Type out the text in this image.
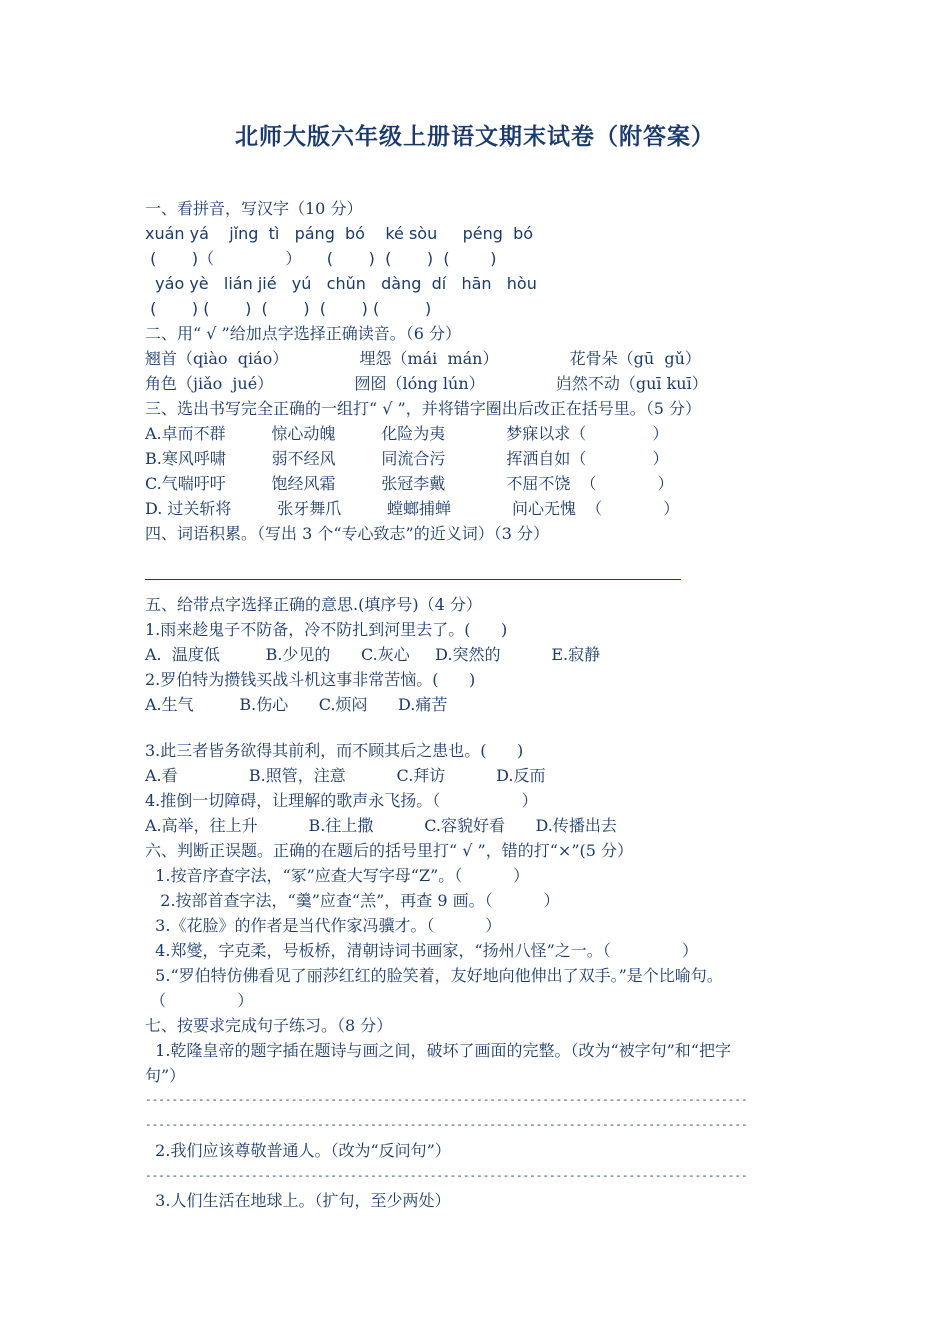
北师大版六年级上册语文期末试卷（附答案）
一、看拼音，写汉字（10 分）
xuán yá    jǐng  tì   páng  bó    ké sòu     péng  bó
(       )（              ）     (       )  (       )  (        )
yáo yè   lián jié   yú   chǔn   dàng  dí   hān   hòu
(       ) (       )  (       )  (       ) (         )
二、用“ √ ”给加点字选择正确读音。（6 分）
翘首（qiào  qiáo）              埋怨（mái  mán）              花骨朵（gū  gǔ）
角色（jiǎo  jué）                囫囵（lóng lún）              岿然不动（guī kuī）
三、选出书写完全正确的一组打“ √ ”，并将错字圈出后改正在括号里。（5 分）
A.卓而不群         惊心动魄         化险为夷            梦寐以求（             ）
B.寒风呼啸         弱不经风         同流合污            挥洒自如（             ）
C.气喘吁吁         饱经风霜         张冠李戴            不屈不饶  （            ）
D. 过关斩将         张牙舞爪         螳螂捕蝉            问心无愧  （            ）
四、词语积累。（写出 3 个“专心致志”的近义词）（3 分）
五、给带点字选择正确的意思.(填序号)（4 分）
1.雨来趁鬼子不防备，冷不防扎到河里去了。(      )
A.  温度低         B.少见的      C.灰心     D.突然的          E.寂静
2.罗伯特为攒钱买战斗机这事非常苦恼。(      )
A.生气         B.伤心      C.烦闷      D.痛苦
3.此三者皆务欲得其前利，而不顾其后之患也。(      )
A.看              B.照管，注意          C.拜访          D.反而
4.推倒一切障碍，让理解的歌声永飞扬。（                ）
A.高举，往上升          B.往上撒          C.容貌好看      D.传播出去
六、判断正误题。正确的在题后的括号里打“ √ ”，错的打“×”(5 分）
1.按音序查字法，“冢”应查大写字母“Z”。（          ）
2.按部首查字法，“羹”应查“羔”，再查 9 画。（          ）
3.《花脸》的作者是当代作家冯骥才。（          ）
4.郑燮，字克柔，号板桥，清朝诗词书画家，“扬州八怪”之一。（              ）
5.“罗伯特仿佛看见了丽莎红红的脸笑着，友好地向他伸出了双手。”是个比喻句。
（              ）
七、按要求完成句子练习。（8 分）
1.乾隆皇帝的题字插在题诗与画之间，破坏了画面的完整。（改为“被字句”和“把字
句”）
-------------------------------------------------------------------------------------------
-------------------------------------------------------------------------------------------
2.我们应该尊敬普通人。（改为“反问句”）
-------------------------------------------------------------------------------------------
3.人们生活在地球上。（扩句，至少两处）
